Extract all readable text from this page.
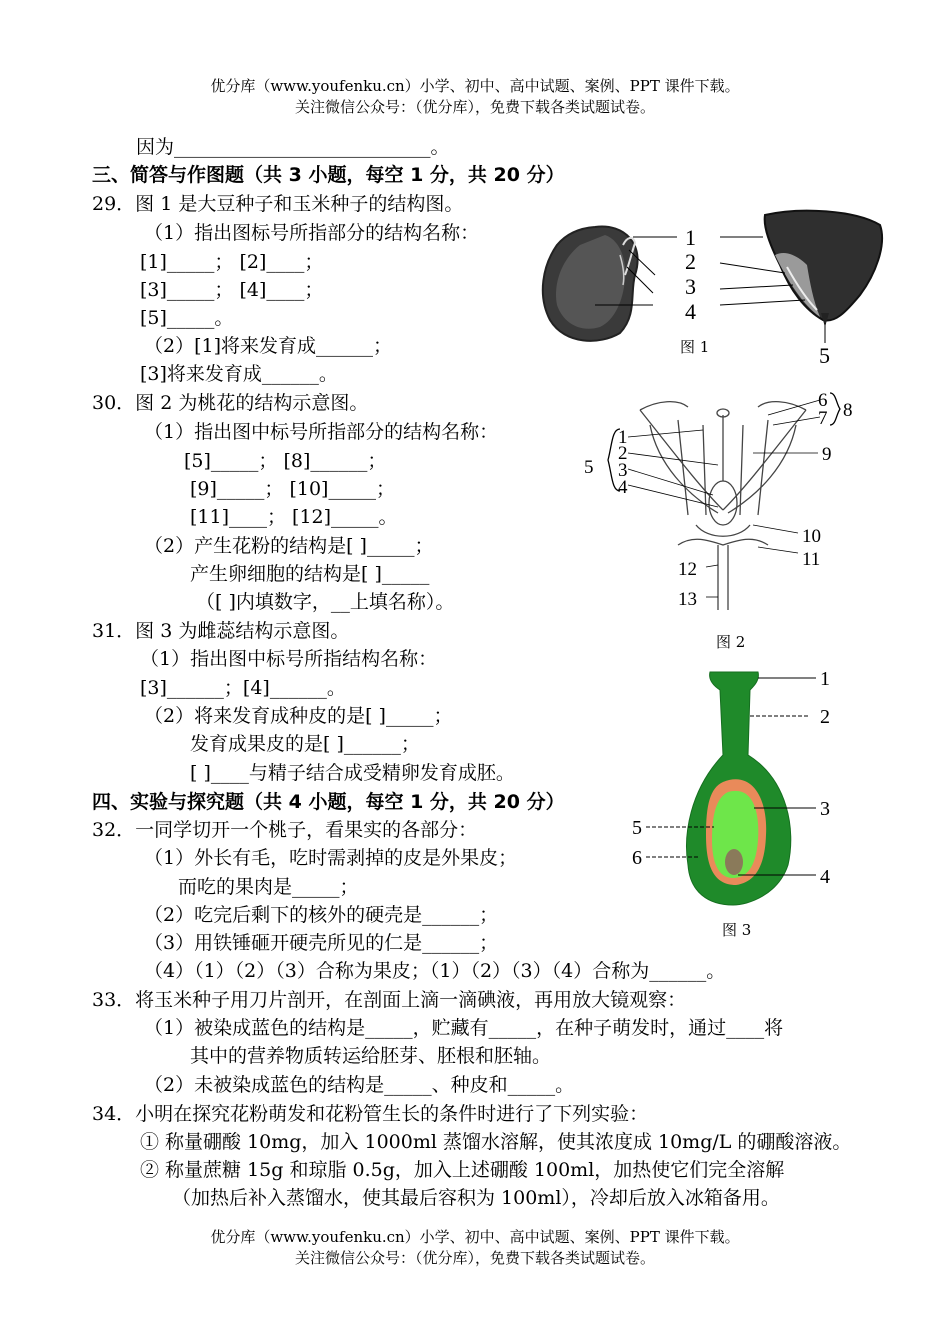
优分库（www.youfenku.cn）小学、初中、高中试题、案例、PPT 课件下载。
关注微信公众号：（优分库），免费下载各类试题试卷。
因为___________________________。
三、简答与作图题（共 3 小题，每空 1 分，共 20 分）
29．图 1 是大豆种子和玉米种子的结构图。
（1）指出图标号所指部分的结构名称：
[1]_____； [2]____；
[3]_____； [4]____；
[5]_____。
（2）[1]将来发育成______；
[3]将来发育成______。
30．图 2 为桃花的结构示意图。
（1）指出图中标号所指部分的结构名称：
[5]_____； [8]______；
[9]_____； [10]_____；
[11]____； [12]_____。
（2）产生花粉的结构是[ ]_____；
产生卵细胞的结构是[ ]_____
（[ ]内填数字，__上填名称）。
31．图 3 为雌蕊结构示意图。
（1）指出图中标号所指结构名称：
[3]______；[4]______。
（2）将来发育成种皮的是[ ]_____；
发育成果皮的是[ ]______；
[ ]____与精子结合成受精卵发育成胚。
四、实验与探究题（共 4 小题，每空 1 分，共 20 分）
32．一同学切开一个桃子，看果实的各部分：
（1）外长有毛，吃时需剥掉的皮是外果皮；
而吃的果肉是_____；
（2）吃完后剩下的核外的硬壳是______；
（3）用铁锤砸开硬壳所见的仁是______；
（4）（1）（2）（3）合称为果皮；（1）（2）（3）（4）合称为______。
33．将玉米种子用刀片剖开，在剖面上滴一滴碘液，再用放大镜观察：
（1）被染成蓝色的结构是_____，贮藏有_____，在种子萌发时，通过____将
其中的营养物质转运给胚芽、胚根和胚轴。
（2）未被染成蓝色的结构是_____、种皮和_____。
34．小明在探究花粉萌发和花粉管生长的条件时进行了下列实验：
① 称量硼酸 10mg，加入 1000ml 蒸馏水溶解，使其浓度成 10mg/L 的硼酸溶液。
② 称量蔗糖 15g 和琼脂 0.5g，加入上述硼酸 100ml，加热使它们完全溶解
（加热后补入蒸馏水，使其最后容积为 100ml），冷却后放入冰箱备用。
优分库（www.youfenku.cn）小学、初中、高中试题、案例、PPT 课件下载。
关注微信公众号：（优分库），免费下载各类试题试卷。
1
2
3
4
5
图 1
1
2
3
4
5
6
7 8
9
10
11
12
13
图 2
1
2
3
4
5
6
图 3
